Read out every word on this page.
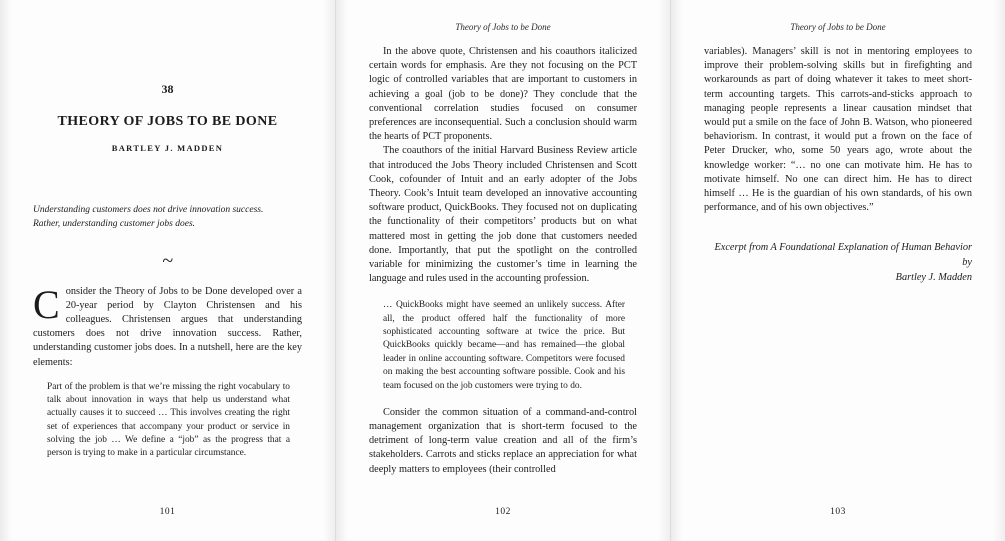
38
THEORY OF JOBS TO BE DONE
BARTLEY J. MADDEN
Understanding customers does not drive innovation success.
Rather, understanding customer jobs does.
~

Consider the Theory of Jobs to be Done developed over a 20-year period by Clayton Christensen and his colleagues. Christensen argues that understanding customers does not drive innovation success. Rather, understanding customer jobs does. In a nutshell, here are the key elements:

Part of the problem is that we’re missing the right vocabulary to talk about innovation in ways that help us understand what actually causes it to succeed … This involves creating the right set of experiences that accompany your product or service in solving the job … We define a “job” as the progress that a person is trying to make in a particular circumstance.
101
Theory of Jobs to be Done

In the above quote, Christensen and his coauthors italicized certain words for emphasis. Are they not focusing on the PCT logic of controlled variables that are important to customers in achieving a goal (job to be done)? They conclude that the conventional correlation studies focused on consumer preferences are inconsequential. Such a conclusion should warm the hearts of PCT proponents.

The coauthors of the initial Harvard Business Review article that introduced the Jobs Theory included Christensen and Scott Cook, cofounder of Intuit and an early adopter of the Jobs Theory. Cook’s Intuit team developed an innovative accounting software product, QuickBooks. They focused not on duplicating the functionality of their competitors’ products but on what mattered most in getting the job done that customers needed done. Importantly, that put the spotlight on the controlled variable for minimizing the customer’s time in learning the language and rules used in the accounting profession.

… QuickBooks might have seemed an unlikely success. After all, the product offered half the functionality of more sophisticated accounting software at twice the price. But QuickBooks quickly became—and has remained—the global leader in online accounting software. Competitors were focused on making the best accounting software possible. Cook and his team focused on the job customers were trying to do.

Consider the common situation of a command-and-control management organization that is short-term focused to the detriment of long-term value creation and all of the firm’s stakeholders. Carrots and sticks replace an appreciation for what deeply matters to employees (their controlled

102
Theory of Jobs to be Done

variables). Managers’ skill is not in mentoring employees to improve their problem-solving skills but in firefighting and workarounds as part of doing whatever it takes to meet short-term accounting targets. This carrots-and-sticks approach to managing people represents a linear causation mindset that would put a smile on the face of John B. Watson, who pioneered behaviorism. In contrast, it would put a frown on the face of Peter Drucker, who, some 50 years ago, wrote about the knowledge worker: “… no one can motivate him. He has to motivate himself. No one can direct him. He has to direct himself … He is the guardian of his own standards, of his own performance, and of his own objectives.”

Excerpt from A Foundational Explanation of Human Behavior by
Bartley J. Madden
103
